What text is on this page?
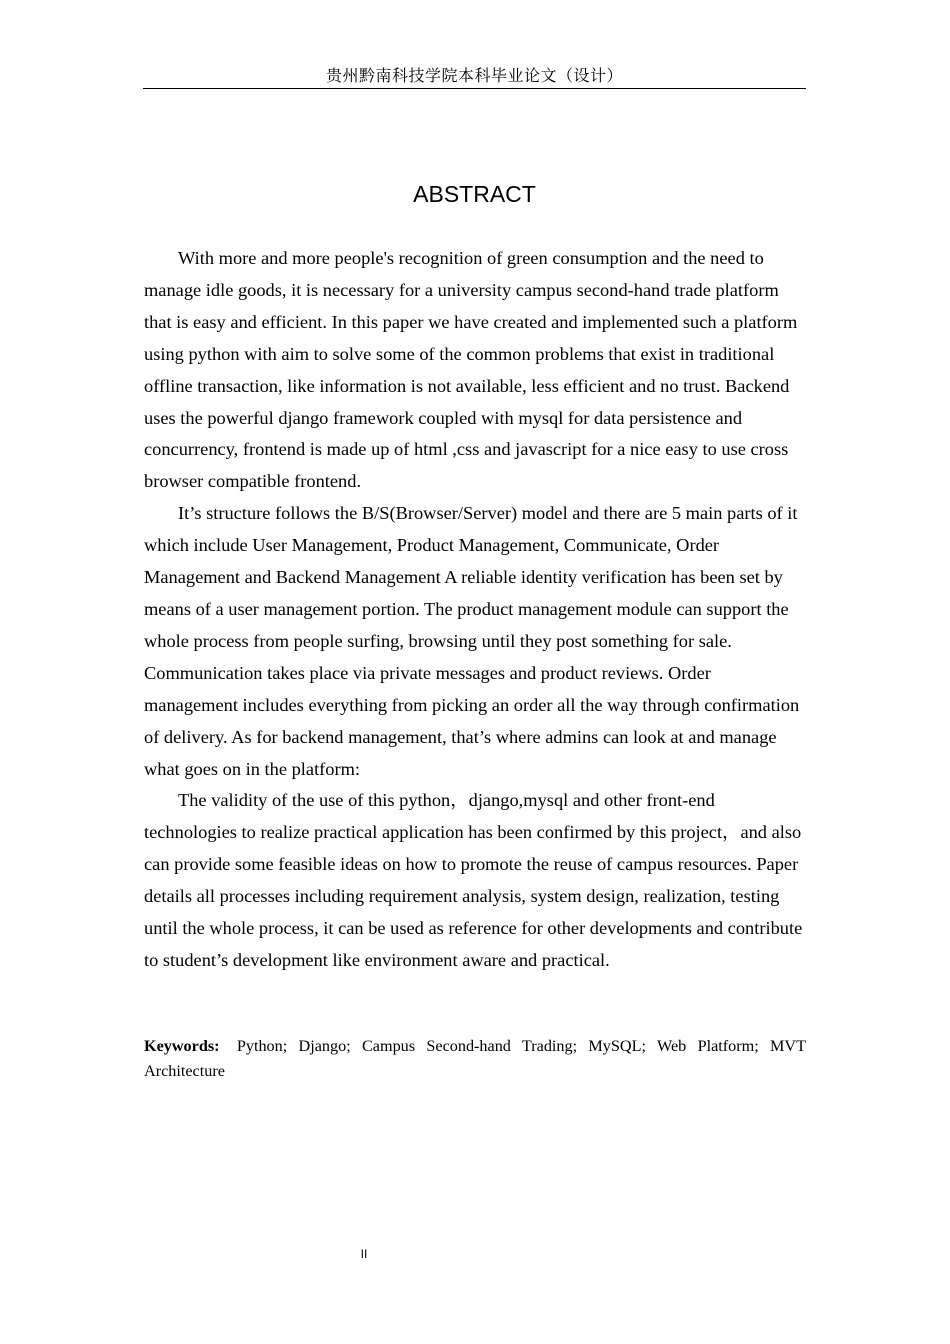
贵州黔南科技学院本科毕业论文（设计）
ABSTRACT

With more and more people's recognition of green consumption and the need to manage idle goods, it is necessary for a university campus second-hand trade platform that is easy and efficient. In this paper we have created and implemented such a platform using python with aim to solve some of the common problems that exist in traditional offline transaction, like information is not available, less efficient and no trust. Backend uses the powerful django framework coupled with mysql for data persistence and concurrency, frontend is made up of html ,css and javascript for a nice easy to use cross browser compatible frontend.

It’s structure follows the B/S(Browser/Server) model and there are 5 main parts of it which include User Management, Product Management, Communicate, Order Management and Backend Management A reliable identity verification has been set by means of a user management portion. The product management module can support the whole process from people surfing, browsing until they post something for sale. Communication takes place via private messages and product reviews. Order management includes everything from picking an order all the way through confirmation of delivery. As for backend management, that’s where admins can look at and manage what goes on in the platform:

The validity of the use of this python，django,mysql and other front-end technologies to realize practical application has been confirmed by this project，and also can provide some feasible ideas on how to promote the reuse of campus resources. Paper details all processes including requirement analysis, system design, realization, testing until the whole process, it can be used as reference for other developments and contribute to student’s development like environment aware and practical.

Keywords: Python; Django; Campus Second-hand Trading; MySQL; Web Platform; MVT Architecture
II
